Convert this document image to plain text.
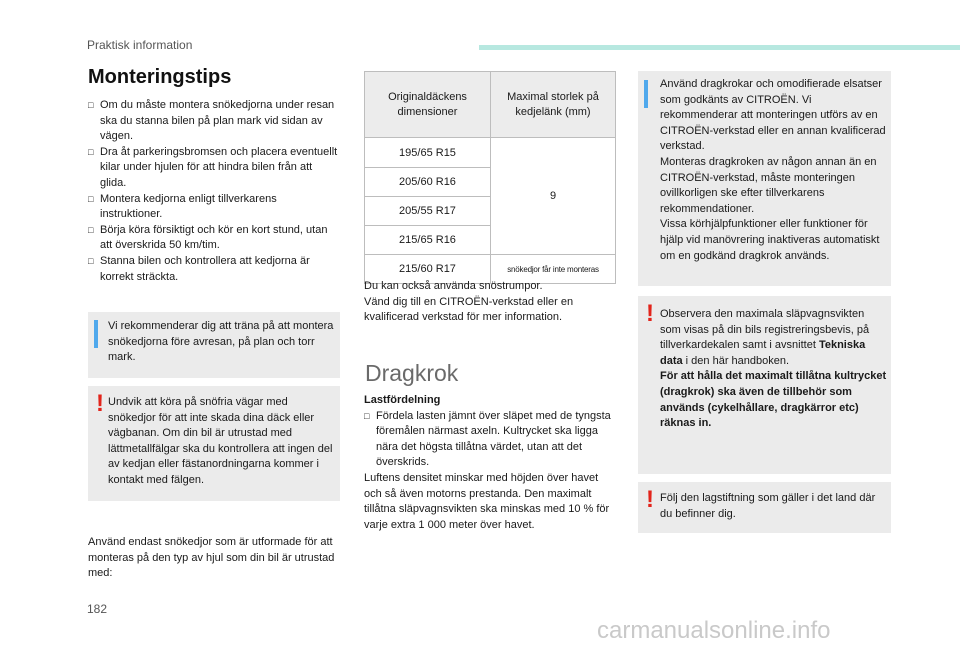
Praktisk information
Monteringstips
□ Om du måste montera snökedjorna under resan ska du stanna bilen på plan mark vid sidan av vägen.
□ Dra åt parkeringsbromsen och placera eventuellt kilar under hjulen för att hindra bilen från att glida.
□ Montera kedjorna enligt tillverkarens instruktioner.
□ Börja köra försiktigt och kör en kort stund, utan att överskrida 50 km/tim.
□ Stanna bilen och kontrollera att kedjorna är korrekt sträckta.
Vi rekommenderar dig att träna på att montera snökedjorna före avresan, på plan och torr mark.
! Undvik att köra på snöfria vägar med snökedjor för att inte skada dina däck eller vägbanan. Om din bil är utrustad med lättmetallfälgar ska du kontrollera att ingen del av kedjan eller fästanordningarna kommer i kontakt med fälgen.
Använd endast snökedjor som är utformade för att monteras på den typ av hjul som din bil är utrustad med:
Originaldäckens dimensioner	Maximal storlek på kedjelänk (mm)
195/65 R15	9
205/60 R16	
205/55 R17	
215/65 R16	
215/60 R17	snökedjor får inte monteras
Du kan också använda snöstrumpor.
Vänd dig till en CITROËN-verkstad eller en kvalificerad verkstad för mer information.
Dragkrok
Lastfördelning
□ Fördela lasten jämnt över släpet med de tyngsta föremålen närmast axeln. Kultrycket ska ligga nära det högsta tillåtna värdet, utan att det överskrids.
Luftens densitet minskar med höjden över havet och så även motorns prestanda. Den maximalt tillåtna släpvagnsvikten ska minskas med 10 % för varje extra 1 000 meter över havet.
Använd dragkrokar och omodifierade elsatser som godkänts av CITROËN. Vi rekommenderar att monteringen utförs av en CITROËN-verkstad eller en annan kvalificerad verkstad.
Monteras dragkroken av någon annan än en CITROËN-verkstad, måste monteringen ovillkorligen ske efter tillverkarens rekommendationer.
Vissa körhjälpfunktioner eller funktioner för hjälp vid manövrering inaktiveras automatiskt om en godkänd dragkrok används.
! Observera den maximala släpvagnsvikten som visas på din bils registreringsbevis, på tillverkardekalen samt i avsnittet Tekniska data i den här handboken.
För att hålla det maximalt tillåtna kultrycket (dragkrok) ska även de tillbehör som används (cykelhållare, dragkärror etc) räknas in.
! Följ den lagstiftning som gäller i det land där du befinner dig.
182
carmanualsonline.info
